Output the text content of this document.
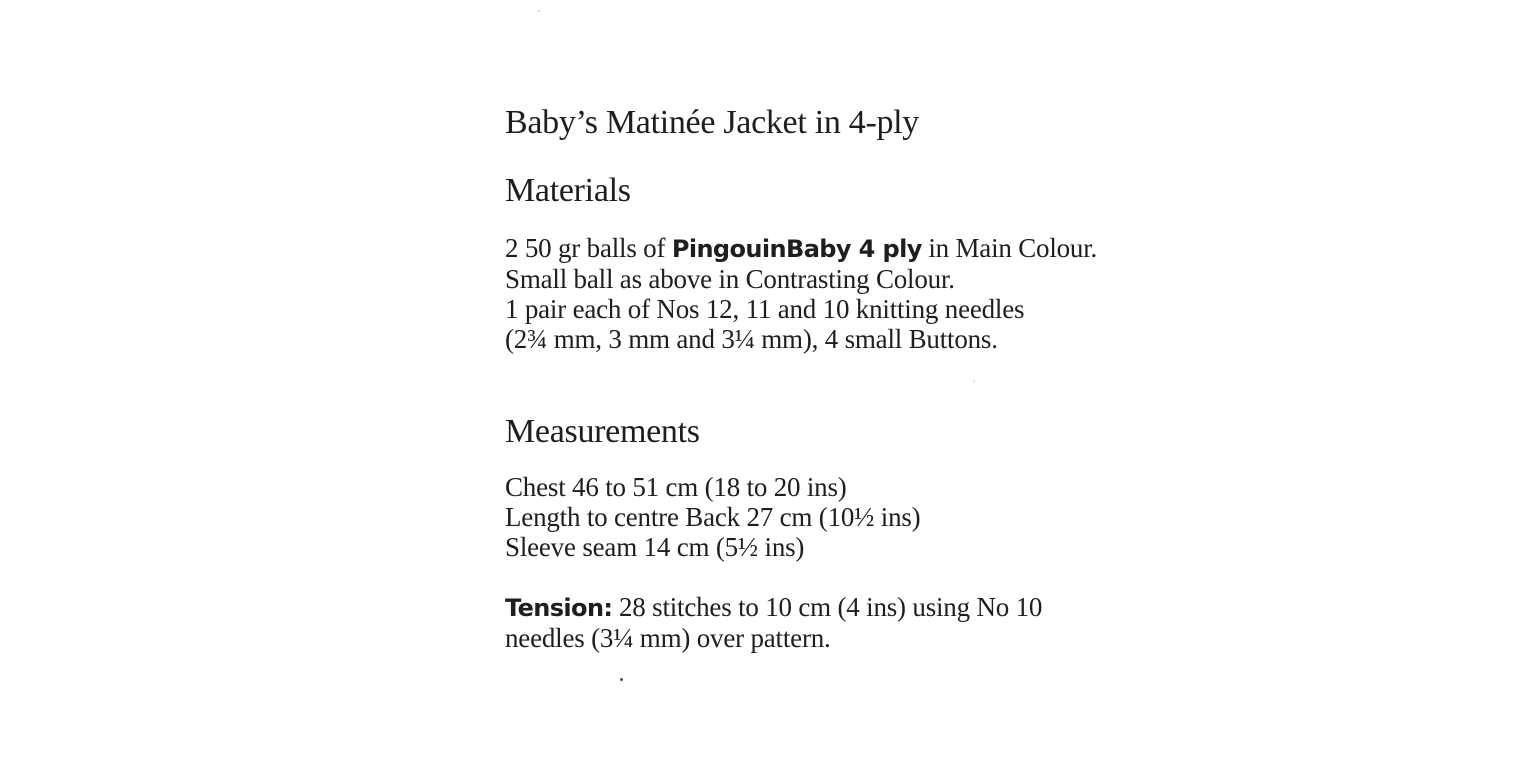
Baby’s Matinée Jacket in 4-ply
Materials
2 50 gr balls of PingouinBaby 4 ply in Main Colour.
Small ball as above in Contrasting Colour.
1 pair each of Nos 12, 11 and 10 knitting needles
(2¾ mm, 3 mm and 3¼ mm), 4 small Buttons.
Measurements
Chest 46 to 51 cm (18 to 20 ins)
Length to centre Back 27 cm (10½ ins)
Sleeve seam 14 cm (5½ ins)
Tension: 28 stitches to 10 cm (4 ins) using No 10
needles (3¼ mm) over pattern.
